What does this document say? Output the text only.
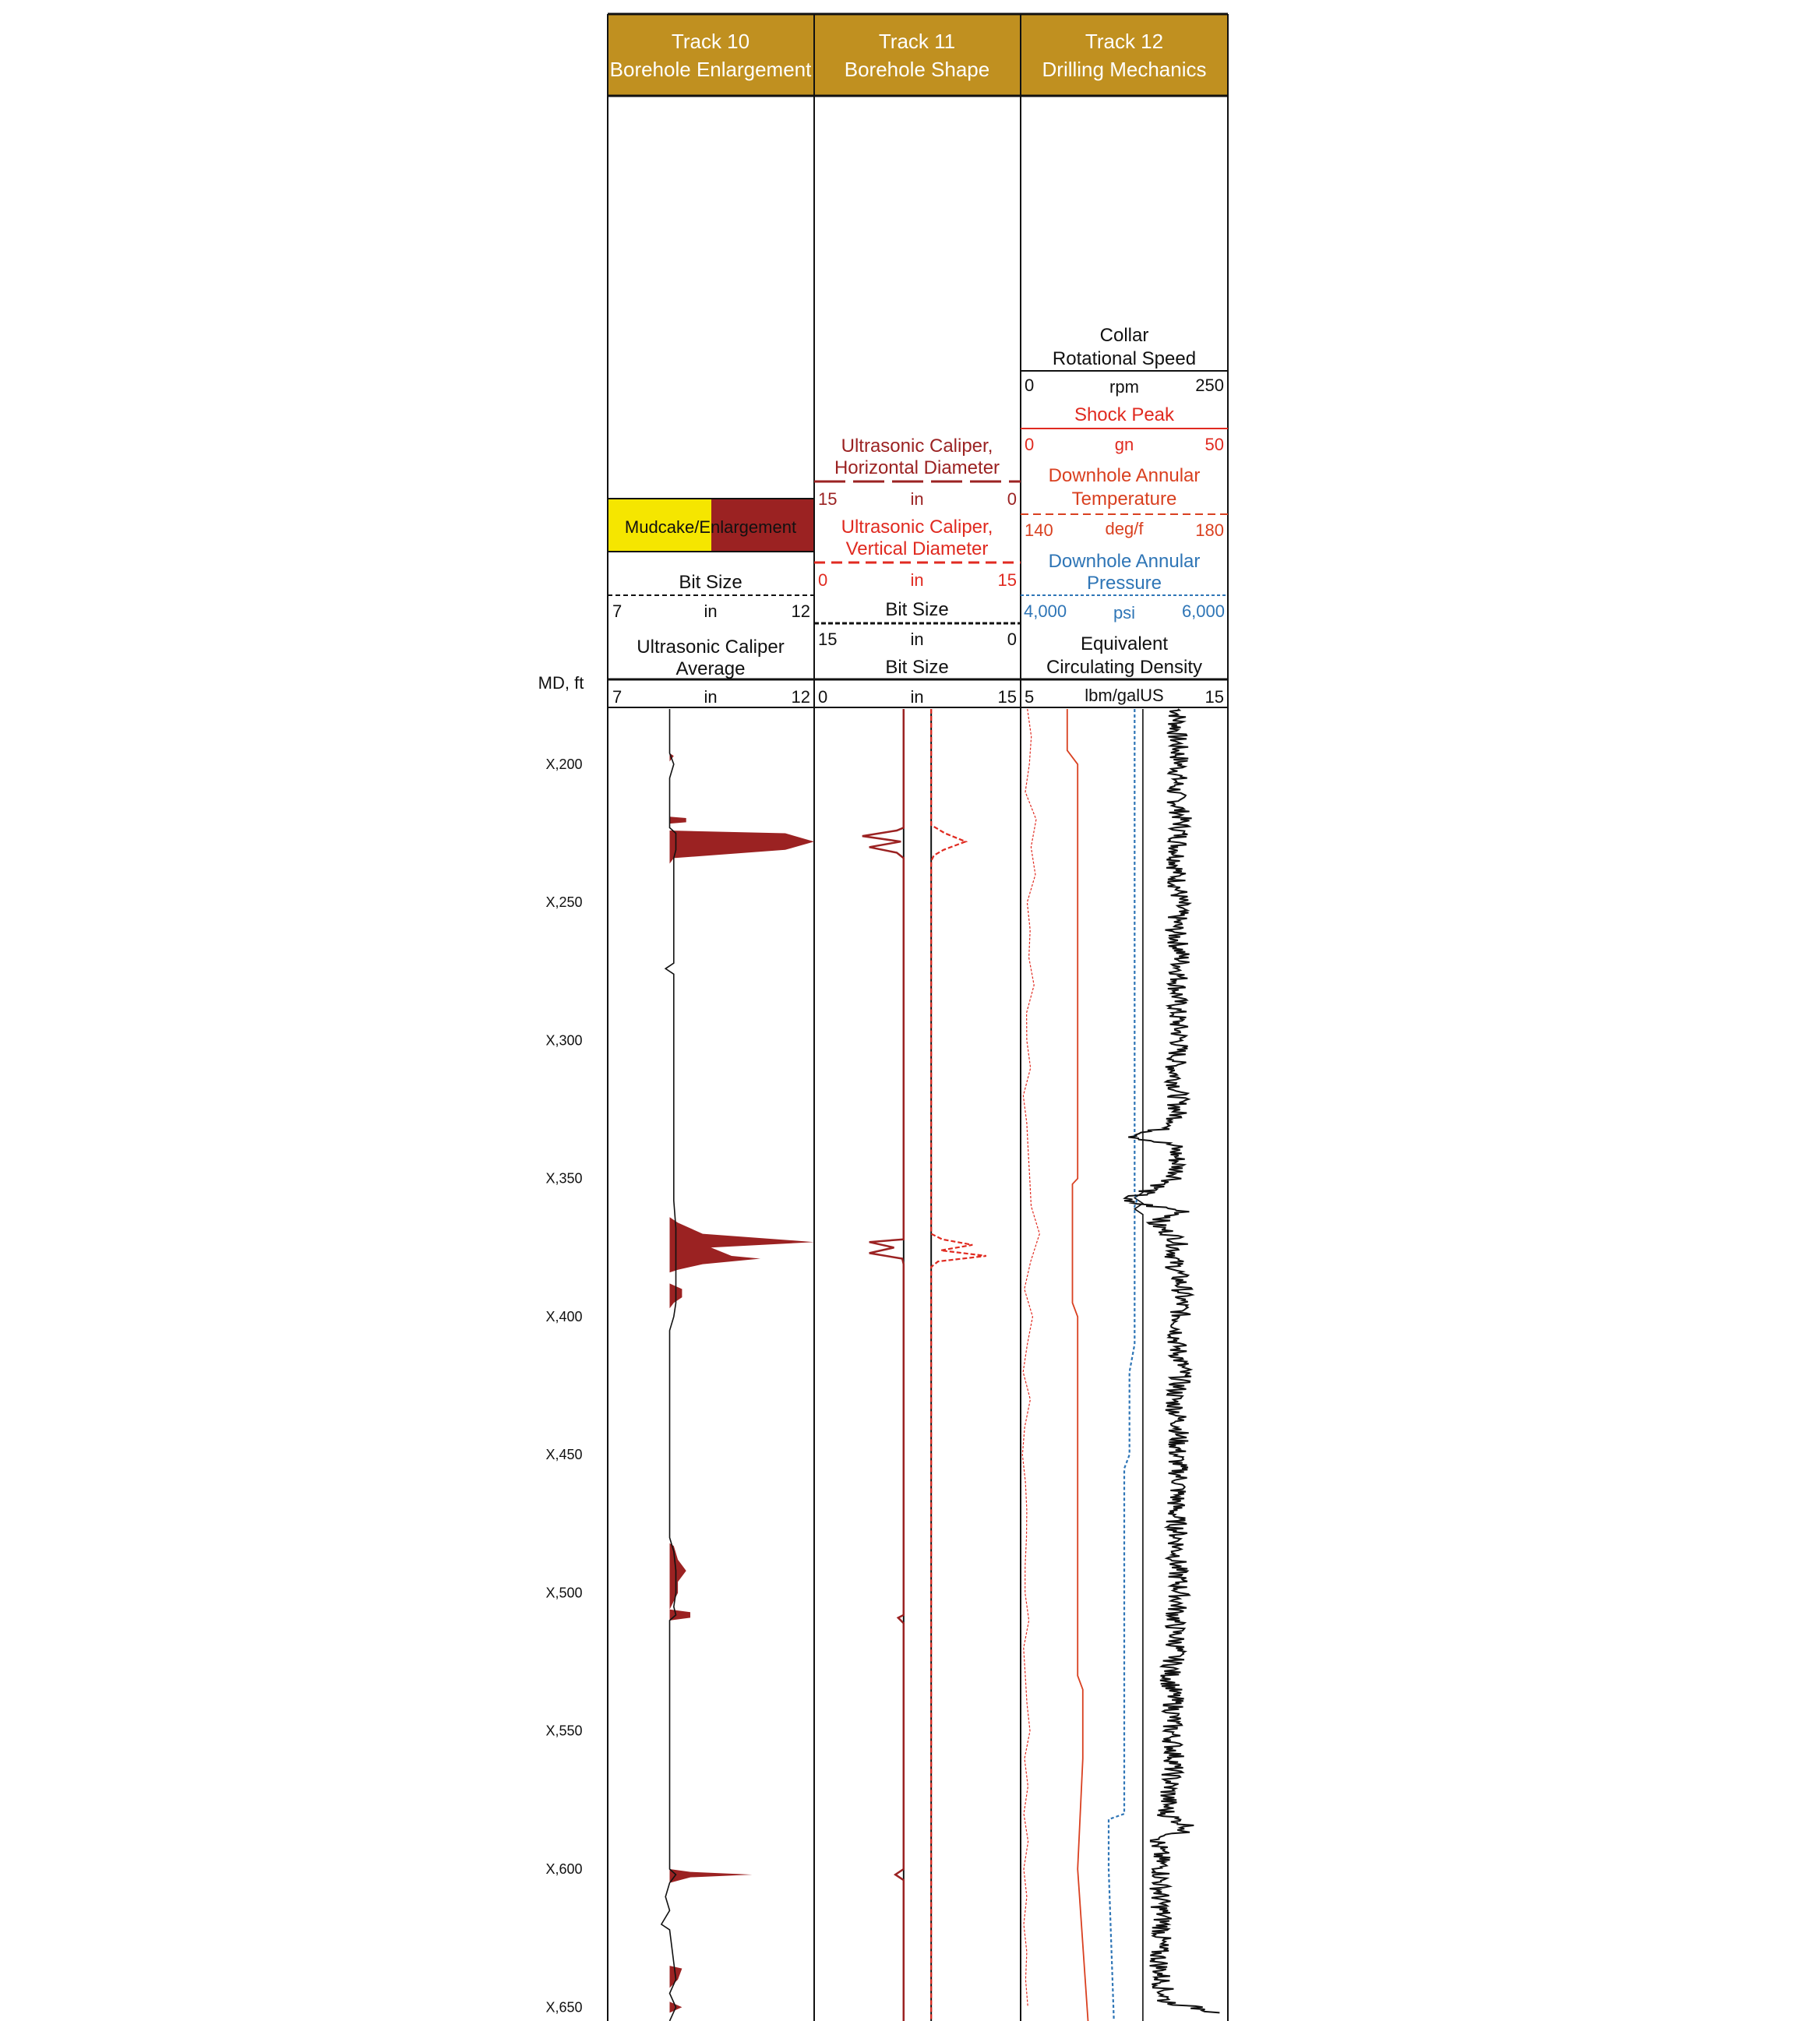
Track 10
Borehole Enlargement
Track 11
Borehole Shape
Track 12
Drilling Mechanics
Mudcake/Enlargement
Bit Size
7	in	12
Ultrasonic Caliper
Average
7	in	12
Ultrasonic Caliper,
Horizontal Diameter
15	in	0
Ultrasonic Caliper,
Vertical Diameter
0	in	15
Bit Size
15	in	0
Bit Size
0	in	15
Collar
Rotational Speed
0	rpm	250
Shock Peak
0	gn	50
Downhole Annular
Temperature
140	deg/f	180
Downhole Annular
Pressure
4,000	psi	6,000
Equivalent
Circulating Density
5	lbm/galUS 15
MD, ft
X,200
X,250
X,300
X,350
X,400
X,450
X,500
X,550
X,600
X,650
